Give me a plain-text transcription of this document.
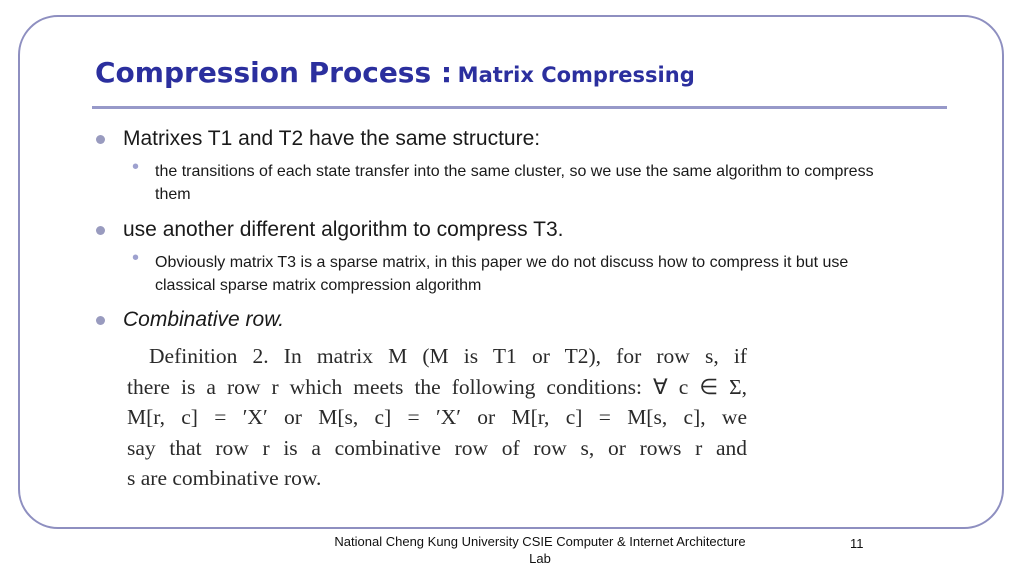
Compression Process : Matrix Compressing
Matrixes T1 and T2 have the same structure:
• the transitions of each state transfer into the same cluster, so we use the same algorithm to compress them
use another different algorithm to compress T3.
• Obviously matrix T3 is a sparse matrix, in this paper we do not discuss how to compress it but use classical sparse matrix compression algorithm
Combinative row.
Definition 2. In matrix M (M is T1 or T2), for row s, if
there is a row r which meets the following conditions: ∀ c ∈ Σ,
M[r, c] = ′X′ or M[s, c] = ′X′ or M[r, c] = M[s, c], we
say that row r is a combinative row of row s, or rows r and
s are combinative row.
National Cheng Kung University CSIE Computer & Internet Architecture Lab
11
